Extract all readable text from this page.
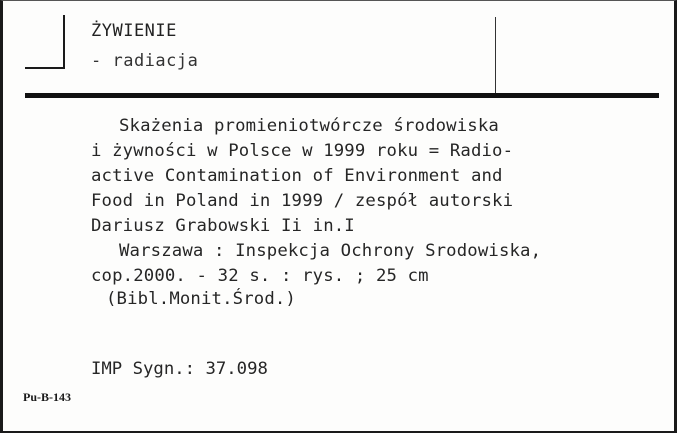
ŻYWIENIE
- radiacja
Skażenia promieniotwórcze środowiska
i żywności w Polsce w 1999 roku = Radio-
active Contamination of Environment and
Food in Poland in 1999 / zespół autorski
Dariusz Grabowski Ii in.I
Warszawa : Inspekcja Ochrony Srodowiska,
cop.2000. - 32 s. : rys. ; 25 cm
(Bibl.Monit.Środ.)
IMP Sygn.: 37.098
Pu-B-143
